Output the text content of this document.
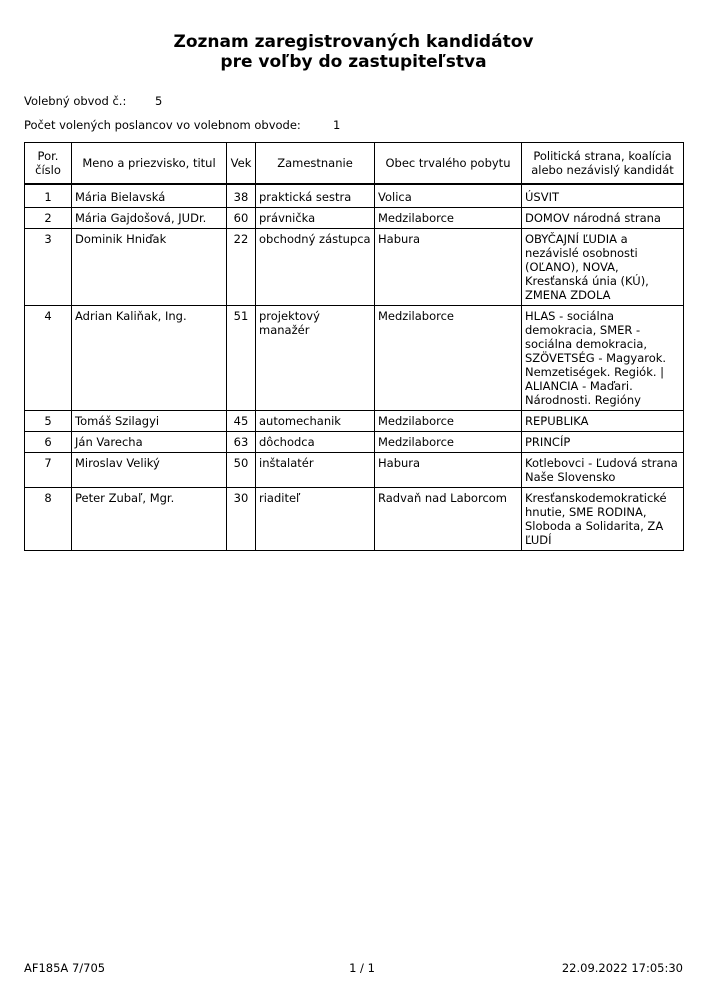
Zoznam zaregistrovaných kandidátov
pre voľby do zastupiteľstva
Volebný obvod č.: 5
Počet volených poslancov vo volebnom obvode:	1
Por. číslo	Meno a priezvisko, titul	Vek	Zamestnanie	Obec trvalého pobytu	Politická strana, koalícia alebo nezávislý kandidát
1	Mária Bielavská	38	praktická sestra	Volica	ÚSVIT
2	Mária Gajdošová, JUDr.	60	právnička	Medzilaborce	DOMOV národná strana
3	Dominik Hniďak	22	obchodný zástupca	Habura	OBYČAJNÍ ĽUDIA a nezávislé osobnosti (OĽANO), NOVA, Kresťanská únia (KÚ), ZMENA ZDOLA
4	Adrian Kaliňak, Ing.	51	projektový manažér	Medzilaborce	HLAS - sociálna demokracia, SMER - sociálna demokracia, SZÖVETSÉG - Magyarok. Nemzetiségek. Regiók. | ALIANCIA - Maďari. Národnosti. Regióny
5	Tomáš Szilagyi	45	automechanik	Medzilaborce	REPUBLIKA
6	Ján Varecha	63	dôchodca	Medzilaborce	PRINCÍP
7	Miroslav Veliký	50	inštalatér	Habura	Kotlebovci - Ľudová strana Naše Slovensko
8	Peter Zubaľ, Mgr.	30	riaditeľ	Radvaň nad Laborcom	Kresťanskodemokratické hnutie, SME RODINA, Sloboda a Solidarita, ZA ĽUDÍ
AF185A 7/705	1 / 1	22.09.2022 17:05:30
